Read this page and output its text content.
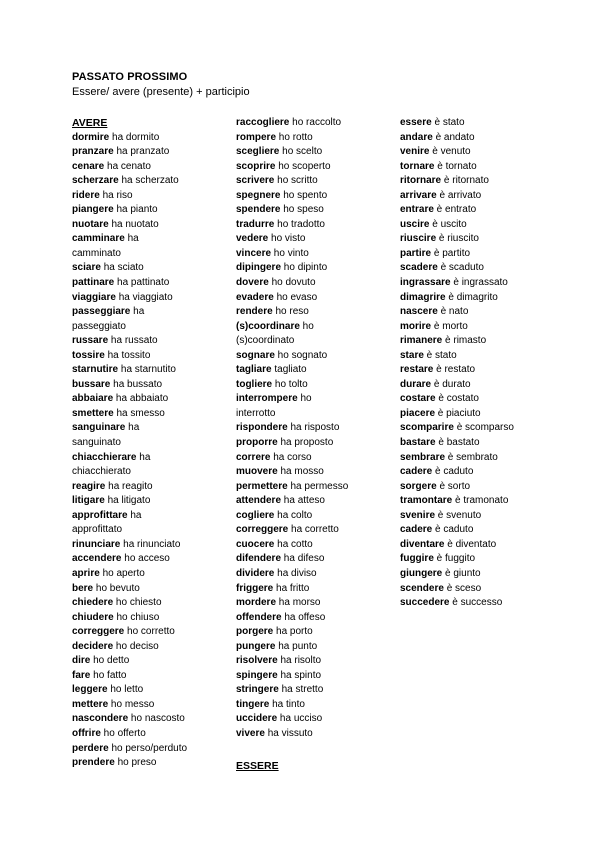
PASSATO PROSSIMO
Essere/ avere (presente) + participio
AVERE
dormire ha dormito
pranzare ha pranzato
cenare ha cenato
scherzare ha scherzato
ridere ha riso
piangere ha pianto
nuotare ha nuotato
camminare ha
camminato
sciare ha sciato
pattinare ha pattinato
viaggiare ha viaggiato
passeggiare ha
passeggiato
russare ha russato
tossire ha tossito
starnutire ha starnutito
bussare ha bussato
abbaiare ha abbaiato
smettere ha smesso
sanguinare ha
sanguinato
chiacchierare ha
chiacchierato
reagire ha reagito
litigare ha litigato
approfittare ha
approfittato
rinunciare ha rinunciato
accendere ho acceso
aprire ho aperto
bere ho bevuto
chiedere ho chiesto
chiudere ho chiuso
correggere ho corretto
decidere ho deciso
dire ho detto
fare ho fatto
leggere ho letto
mettere ho messo
nascondere ho nascosto
offrire ho offerto
perdere ho perso/perduto
prendere ho preso
raccogliere ho raccolto
rompere ho rotto
scegliere ho scelto
scoprire ho scoperto
scrivere ho scritto
spegnere ho spento
spendere ho speso
tradurre ho tradotto
vedere ho visto
vincere ho vinto
dipingere ho dipinto
dovere ho dovuto
evadere ho evaso
rendere ho reso
(s)coordinare ho
(s)coordinato
sognare ho sognato
tagliare tagliato
togliere ho tolto
interrompere ho
interrotto
rispondere ha risposto
proporre ha proposto
correre ha corso
muovere ha mosso
permettere ha permesso
attendere ha atteso
cogliere ha colto
correggere ha corretto
cuocere ha cotto
difendere ha difeso
dividere ha diviso
friggere ha fritto
mordere ha morso
offendere ha offeso
porgere ha porto
pungere ha punto
risolvere ha risolto
spingere ha spinto
stringere ha stretto
tingere ha tinto
uccidere ha ucciso
vivere ha vissuto
essere è stato
andare è andato
venire è venuto
tornare è tornato
ritornare è ritornato
arrivare è arrivato
entrare è entrato
uscire è uscito
riuscire è riuscito
partire è partito
scadere è scaduto
ingrassare è ingrassato
dimagrire è dimagrito
nascere è nato
morire è morto
rimanere è rimasto
stare è stato
restare è restato
durare è durato
costare è costato
piacere è piaciuto
scomparire è scomparso
bastare è bastato
sembrare è sembrato
cadere è caduto
sorgere è sorto
tramontare è tramonato
svenire è svenuto
cadere è caduto
diventare è diventato
fuggire è fuggito
giungere è giunto
scendere è sceso
succedere è successo
ESSERE
